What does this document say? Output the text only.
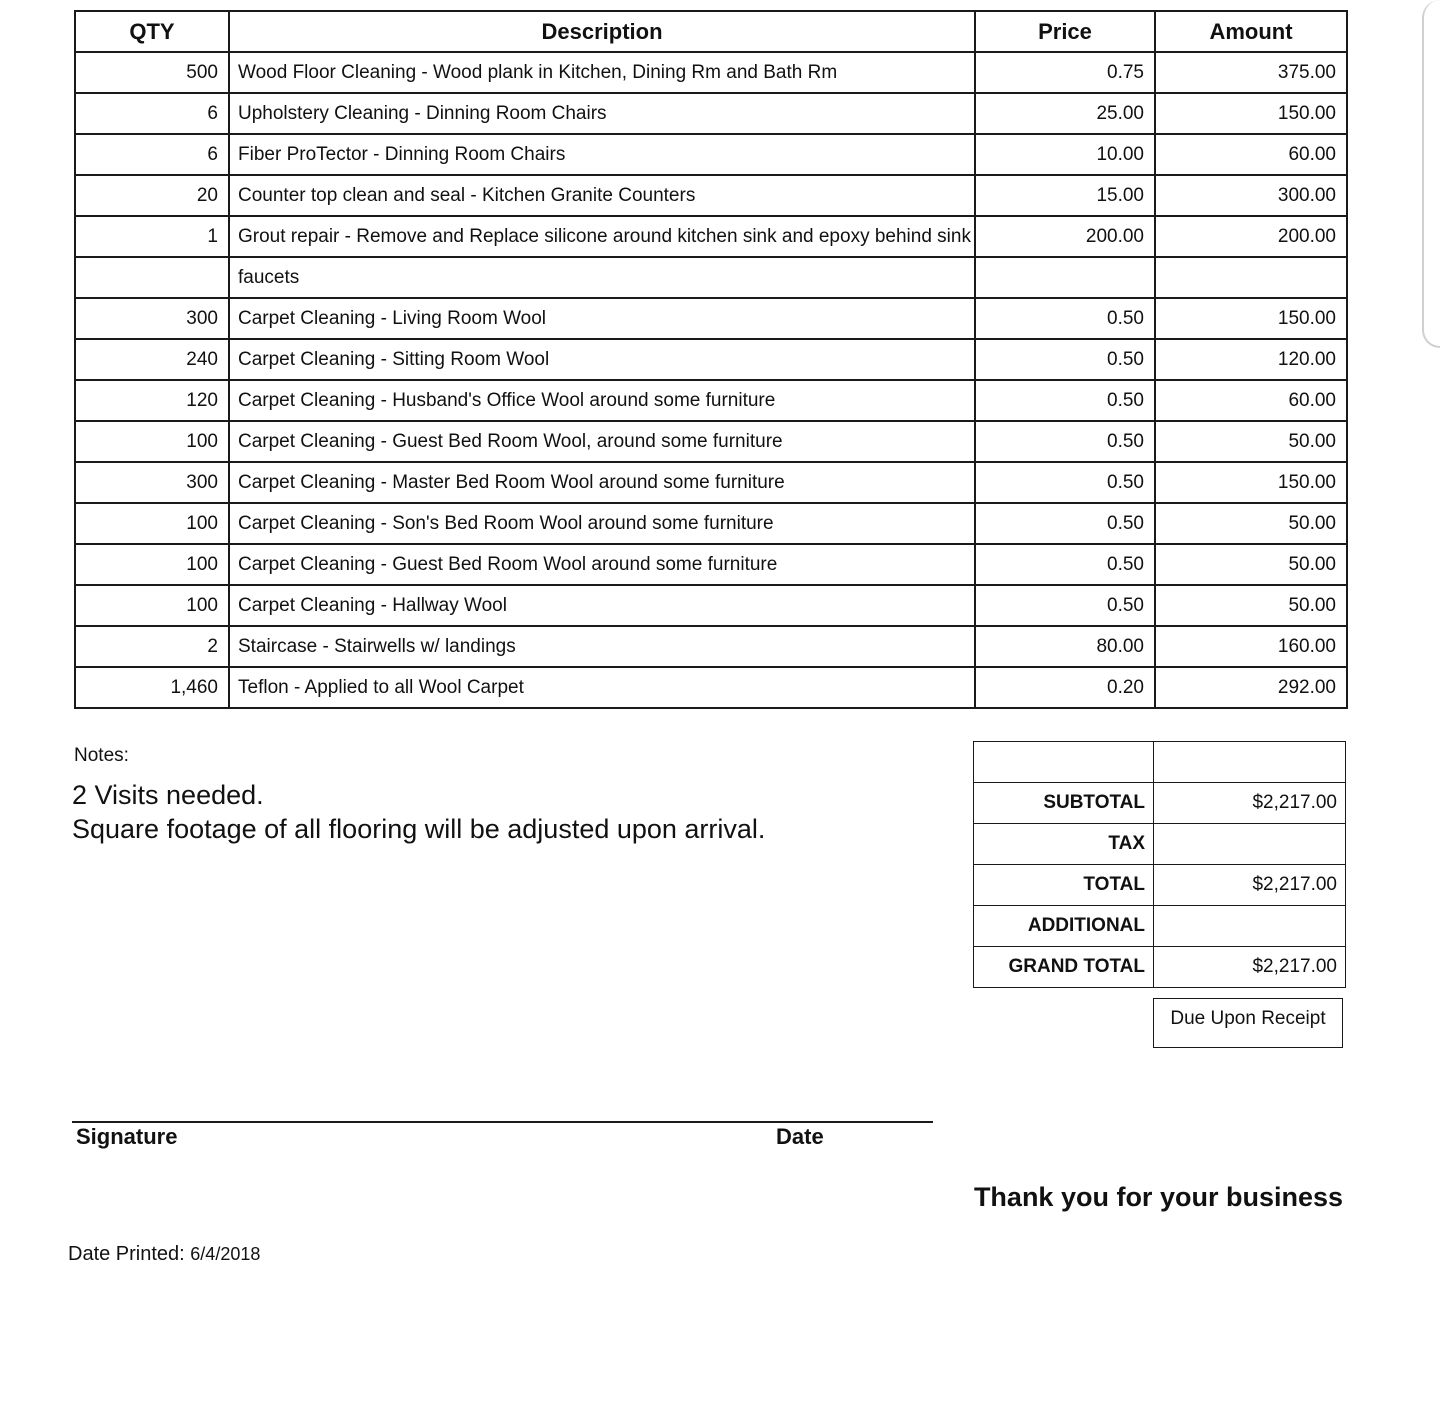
QTY	Description	Price	Amount
500	Wood Floor Cleaning - Wood plank in Kitchen, Dining Rm and Bath Rm	0.75	375.00
6	Upholstery Cleaning - Dinning Room Chairs	25.00	150.00
6	Fiber ProTector - Dinning Room Chairs	10.00	60.00
20	Counter top clean and seal - Kitchen Granite Counters	15.00	300.00
1	Grout repair - Remove and Replace silicone around kitchen sink and epoxy behind sink	200.00	200.00
	faucets		
300	Carpet Cleaning - Living Room Wool	0.50	150.00
240	Carpet Cleaning - Sitting Room Wool	0.50	120.00
120	Carpet Cleaning - Husband's Office Wool around some furniture	0.50	60.00
100	Carpet Cleaning - Guest Bed Room Wool, around some furniture	0.50	50.00
300	Carpet Cleaning - Master Bed Room Wool around some furniture	0.50	150.00
100	Carpet Cleaning - Son's Bed Room Wool around some furniture	0.50	50.00
100	Carpet Cleaning - Guest Bed Room Wool around some furniture	0.50	50.00
100	Carpet Cleaning - Hallway Wool	0.50	50.00
2	Staircase - Stairwells w/ landings	80.00	160.00
1,460	Teflon - Applied to all Wool Carpet	0.20	292.00
Notes:
2 Visits needed.
Square footage of all flooring will be adjusted upon arrival.

SUBTOTAL	$2,217.00
TAX	
TOTAL	$2,217.00
ADDITIONAL	
GRAND TOTAL	$2,217.00
Due Upon Receipt
Signature	Date
Thank you for your business
Date Printed: 6/4/2018
